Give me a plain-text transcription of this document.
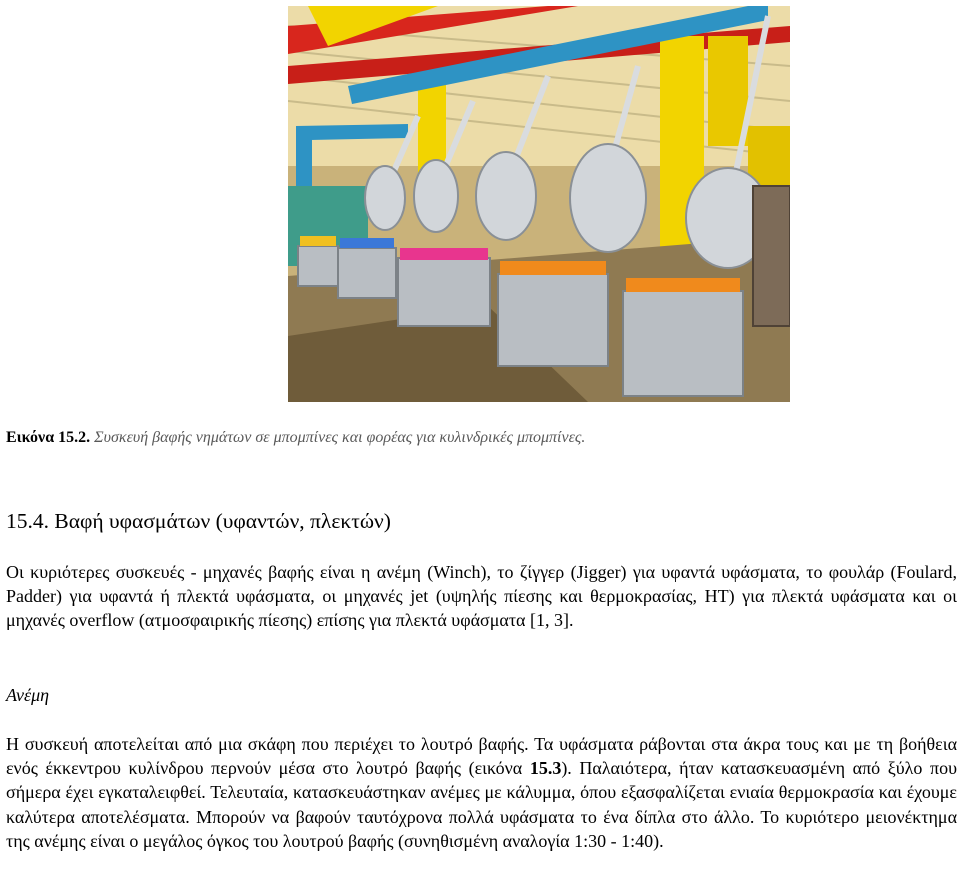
Εικόνα 15.2. Συσκευή βαφής νημάτων σε μπομπίνες και φορέας για κυλινδρικές μπομπίνες.
15.4. Βαφή υφασμάτων (υφαντών, πλεκτών)

Οι κυριότερες συσκευές - μηχανές βαφής είναι η ανέμη (Winch), το ζίγγερ (Jigger) για υφαντά υφάσματα, το φουλάρ (Foulard, Padder) για υφαντά ή πλεκτά υφάσματα, οι μηχανές jet (υψηλής πίεσης και θερμοκρασίας, HT) για πλεκτά υφάσματα και οι μηχανές overflow (ατμοσφαιρικής πίεσης) επίσης για πλεκτά υφάσματα [1, 3].

Ανέμη

Η συσκευή αποτελείται από μια σκάφη που περιέχει το λουτρό βαφής. Τα υφάσματα ράβονται στα άκρα τους και με τη βοήθεια ενός έκκεντρου κυλίνδρου περνούν μέσα στο λουτρό βαφής (εικόνα 15.3). Παλαιότερα, ήταν κατασκευασμένη από ξύλο που σήμερα έχει εγκαταλειφθεί. Τελευταία, κατασκευάστηκαν ανέμες με κάλυμμα, όπου εξασφαλίζεται ενιαία θερμοκρασία και έχουμε καλύτερα αποτελέσματα. Μπορούν να βαφούν ταυτόχρονα πολλά υφάσματα το ένα δίπλα στο άλλο. Το κυριότερο μειονέκτημα της ανέμης είναι ο μεγάλος όγκος του λουτρού βαφής (συνηθισμένη αναλογία 1:30 - 1:40).
